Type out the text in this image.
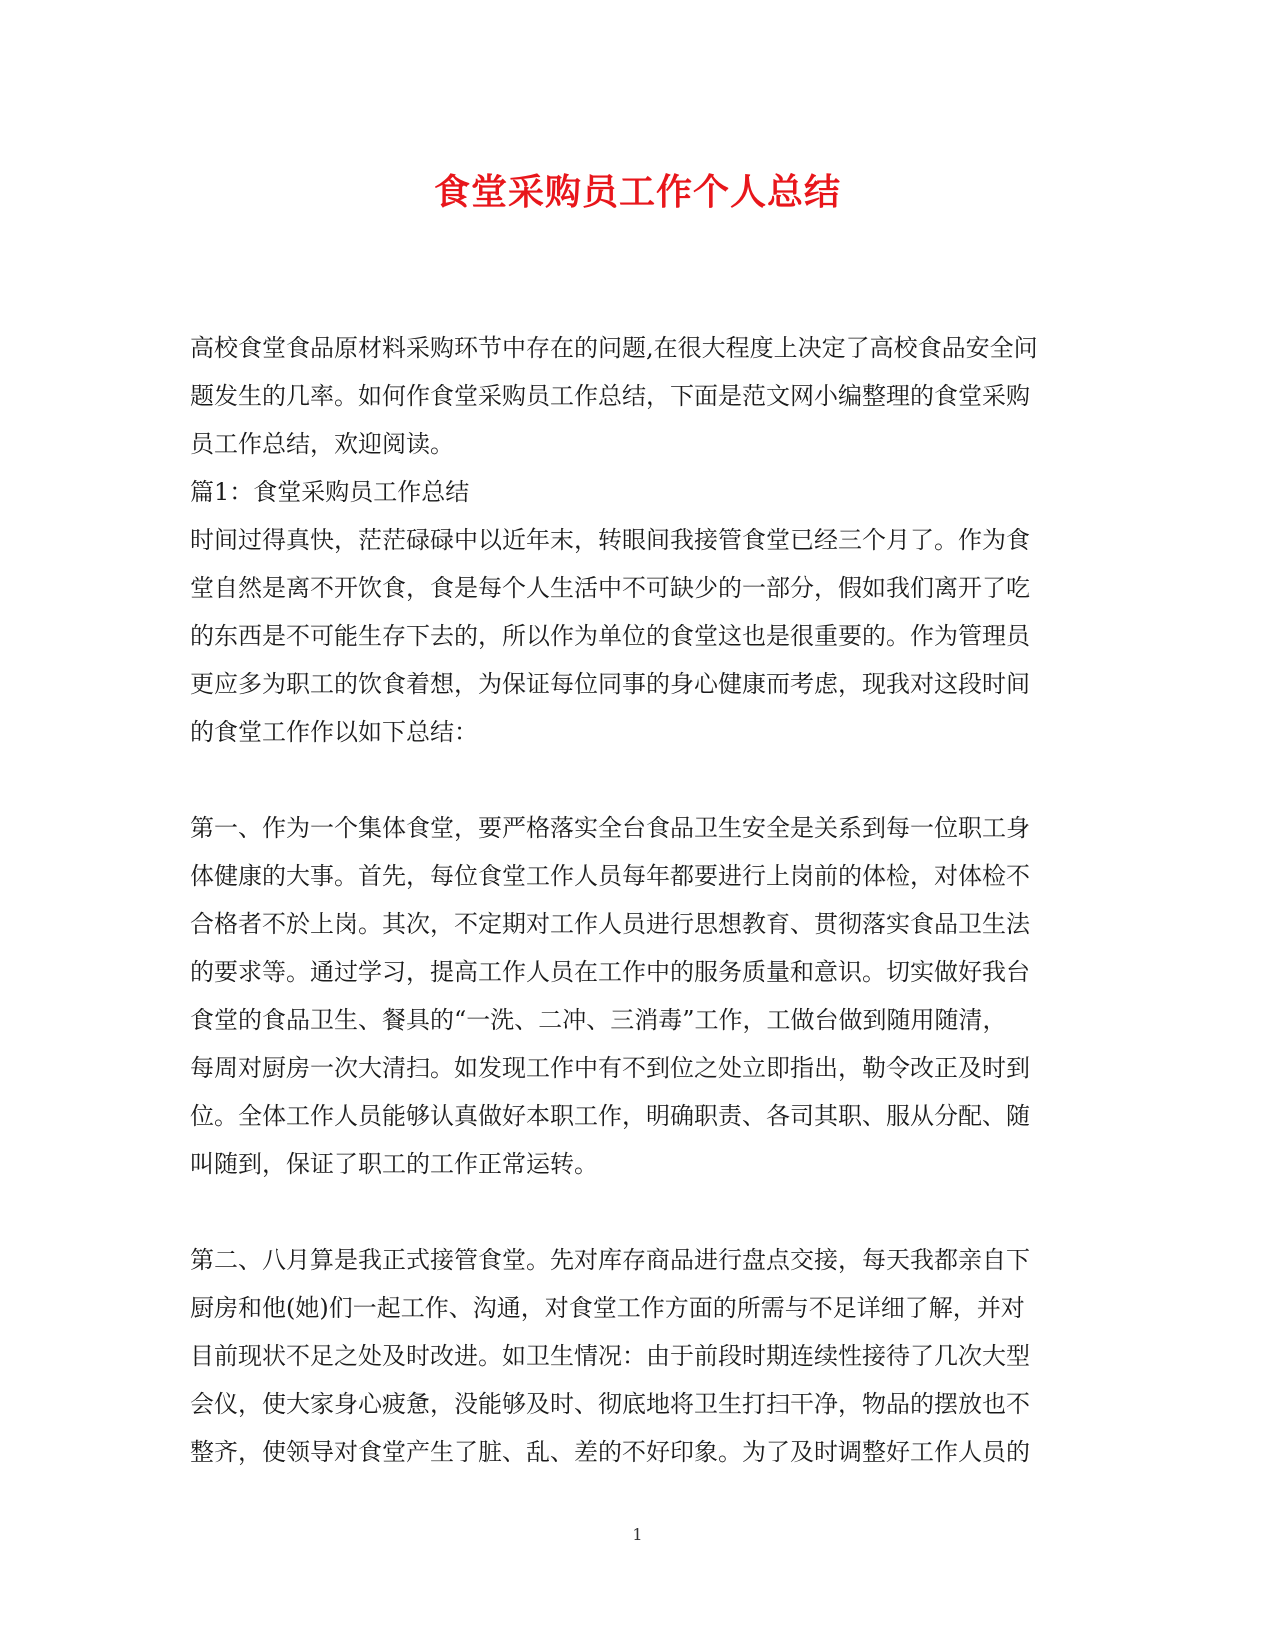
食堂采购员工作个人总结
高校食堂食品原材料采购环节中存在的问题,在很大程度上决定了高校食品安全问
题发生的几率。如何作食堂采购员工作总结，下面是范文网小编整理的食堂采购
员工作总结，欢迎阅读。
篇1：食堂采购员工作总结
时间过得真快，茫茫碌碌中以近年末，转眼间我接管食堂已经三个月了。作为食
堂自然是离不开饮食，食是每个人生活中不可缺少的一部分，假如我们离开了吃
的东西是不可能生存下去的，所以作为单位的食堂这也是很重要的。作为管理员
更应多为职工的饮食着想，为保证每位同事的身心健康而考虑，现我对这段时间
的食堂工作作以如下总结：
第一、作为一个集体食堂，要严格落实全台食品卫生安全是关系到每一位职工身
体健康的大事。首先，每位食堂工作人员每年都要进行上岗前的体检，对体检不
合格者不於上岗。其次，不定期对工作人员进行思想教育、贯彻落实食品卫生法
的要求等。通过学习，提高工作人员在工作中的服务质量和意识。切实做好我台
食堂的食品卫生、餐具的“一洗、二冲、三消毒”工作，工做台做到随用随清，
每周对厨房一次大清扫。如发现工作中有不到位之处立即指出，勒令改正及时到
位。全体工作人员能够认真做好本职工作，明确职责、各司其职、服从分配、随
叫随到，保证了职工的工作正常运转。
第二、八月算是我正式接管食堂。先对库存商品进行盘点交接，每天我都亲自下
厨房和他(她)们一起工作、沟通，对食堂工作方面的所需与不足详细了解，并对
目前现状不足之处及时改进。如卫生情况：由于前段时期连续性接待了几次大型
会仪，使大家身心疲惫，没能够及时、彻底地将卫生打扫干净，物品的摆放也不
整齐，使领导对食堂产生了脏、乱、差的不好印象。为了及时调整好工作人员的
1
